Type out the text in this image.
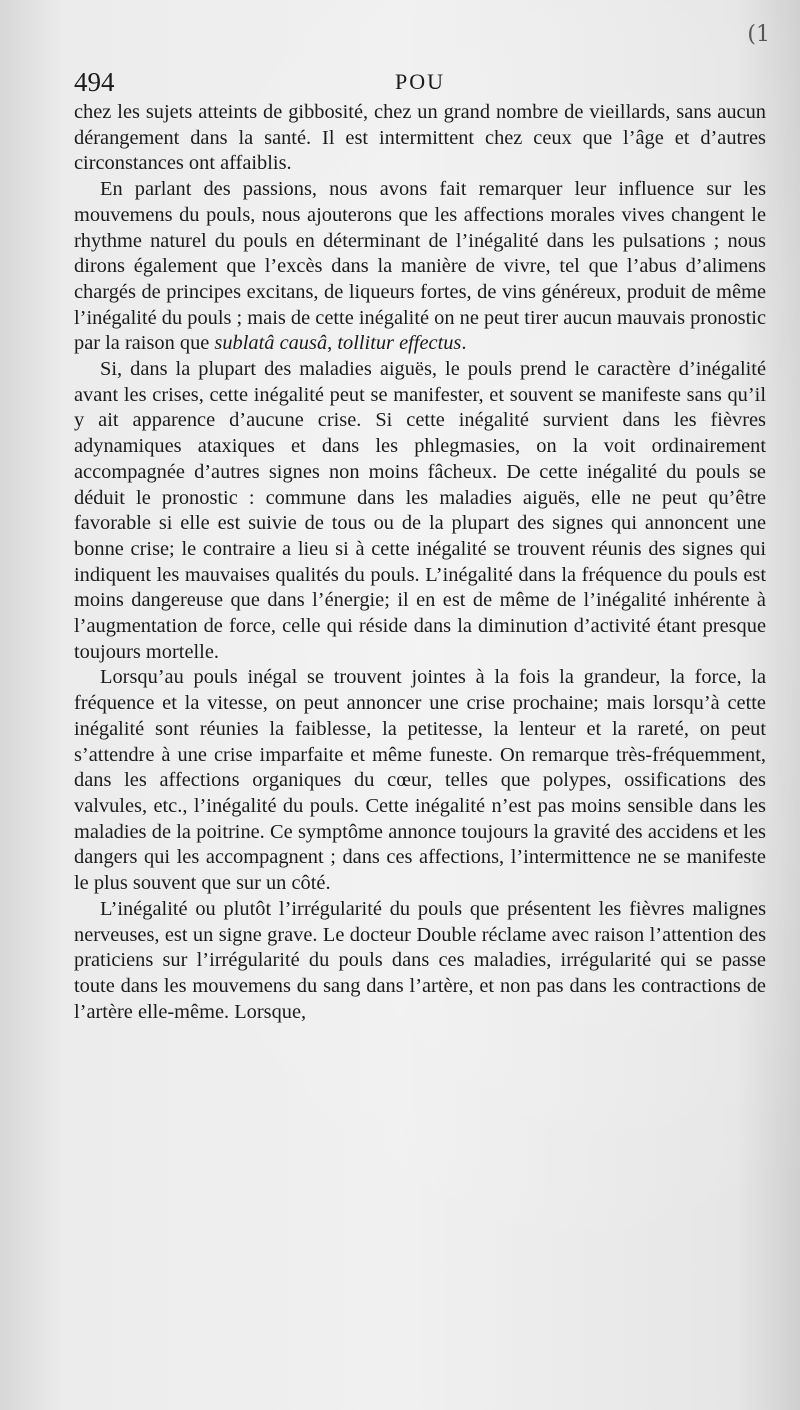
(1
494	POU

chez les sujets atteints de gibbosité, chez un grand nombre de vieillards, sans aucun dérangement dans la santé. Il est intermittent chez ceux que l’âge et d’autres circonstances ont affaiblis.

En parlant des passions, nous avons fait remarquer leur influence sur les mouvemens du pouls, nous ajouterons que les affections morales vives changent le rhythme naturel du pouls en déterminant de l’inégalité dans les pulsations ; nous dirons également que l’excès dans la manière de vivre, tel que l’abus d’alimens chargés de principes excitans, de liqueurs fortes, de vins généreux, produit de même l’inégalité du pouls ; mais de cette inégalité on ne peut tirer aucun mauvais pronostic par la raison que sublatâ causâ, tollitur effectus.

Si, dans la plupart des maladies aiguës, le pouls prend le caractère d’inégalité avant les crises, cette inégalité peut se manifester, et souvent se manifeste sans qu’il y ait apparence d’aucune crise. Si cette inégalité survient dans les fièvres adynamiques ataxiques et dans les phlegmasies, on la voit ordinairement accompagnée d’autres signes non moins fâcheux. De cette inégalité du pouls se déduit le pronostic : commune dans les maladies aiguës, elle ne peut qu’être favorable si elle est suivie de tous ou de la plupart des signes qui annoncent une bonne crise; le contraire a lieu si à cette inégalité se trouvent réunis des signes qui indiquent les mauvaises qualités du pouls. L’inégalité dans la fréquence du pouls est moins dangereuse que dans l’énergie; il en est de même de l’inégalité inhérente à l’augmentation de force, celle qui réside dans la diminution d’activité étant presque toujours mortelle.

Lorsqu’au pouls inégal se trouvent jointes à la fois la grandeur, la force, la fréquence et la vitesse, on peut annoncer une crise prochaine; mais lorsqu’à cette inégalité sont réunies la faiblesse, la petitesse, la lenteur et la rareté, on peut s’attendre à une crise imparfaite et même funeste. On remarque très-fréquemment, dans les affections organiques du cœur, telles que polypes, ossifications des valvules, etc., l’inégalité du pouls. Cette inégalité n’est pas moins sensible dans les maladies de la poitrine. Ce symptôme annonce toujours la gravité des accidens et les dangers qui les accompagnent ; dans ces affections, l’intermittence ne se manifeste le plus souvent que sur un côté.

L’inégalité ou plutôt l’irrégularité du pouls que présentent les fièvres malignes nerveuses, est un signe grave. Le docteur Double réclame avec raison l’attention des praticiens sur l’irrégularité du pouls dans ces maladies, irrégularité qui se passe toute dans les mouvemens du sang dans l’artère, et non pas dans les contractions de l’artère elle-même. Lorsque,
